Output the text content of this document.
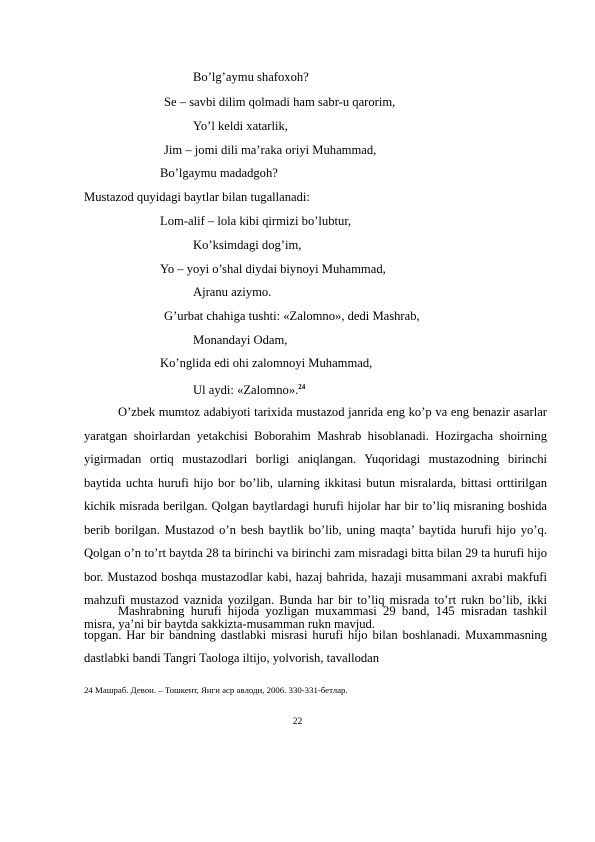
Bo’lg’aymu shafoxoh?
Se – savbi dilim qolmadi ham sabr-u qarorim,
Yo’l keldi xatarlik,
Jim – jomi dili ma’raka oriyi Muhammad,
Bo’lgaymu madadgoh?
Mustazod quyidagi baytlar bilan tugallanadi:
Lom-alif – lola kibi qirmizi bo’lubtur,
Ko’ksimdagi dog’im,
Yo – yoyi o’shal diydai biynoyi Muhammad,
Ajranu aziymo.
G’urbat chahiga tushti: «Zalomno», dedi Mashrab,
Monandayi Odam,
Ko’nglida edi ohi zalomnoyi Muhammad,
Ul aydi: «Zalomno».$^{24}$
O’zbek mumtoz adabiyoti tarixida mustazod janrida eng ko’p va eng benazir asarlar yaratgan shoirlardan yetakchisi Boborahim Mashrab hisoblanadi. Hozirgacha shoirning yigirmadan ortiq mustazodlari borligi aniqlangan. Yuqoridagi mustazodning birinchi baytida uchta hurufi hijo bor bo’lib, ularning ikkitasi butun misralarda, bittasi orttirilgan kichik misrada berilgan. Qolgan baytlardagi hurufi hijolar har bir to’liq misraning boshida berib borilgan. Mustazod o’n besh baytlik bo’lib, uning maqta’ baytida hurufi hijo yo’q. Qolgan o’n to’rt baytda 28 ta birinchi va birinchi zam misradagi bitta bilan 29 ta hurufi hijo bor. Mustazod boshqa mustazodlar kabi, hazaj bahrida, hazaji musammani axrabi makfufi mahzufi mustazod vaznida yozilgan. Bunda har bir to’liq misrada to’rt rukn bo’lib, ikki misra, ya’ni bir baytda sakkizta-musamman rukn mavjud.
Mashrabning hurufi hijoda yozligan muxammasi 29 band, 145 misradan tashkil topgan. Har bir bandning dastlabki misrasi hurufi hijo bilan boshlanadi. Muxammasning dastlabki bandi Tangri Taologa iltijo, yolvorish, tavallodan
24 Машраб. Девон. – Тошкент, Янги аср авлоди, 2006. 330-331-бетлар.
22
